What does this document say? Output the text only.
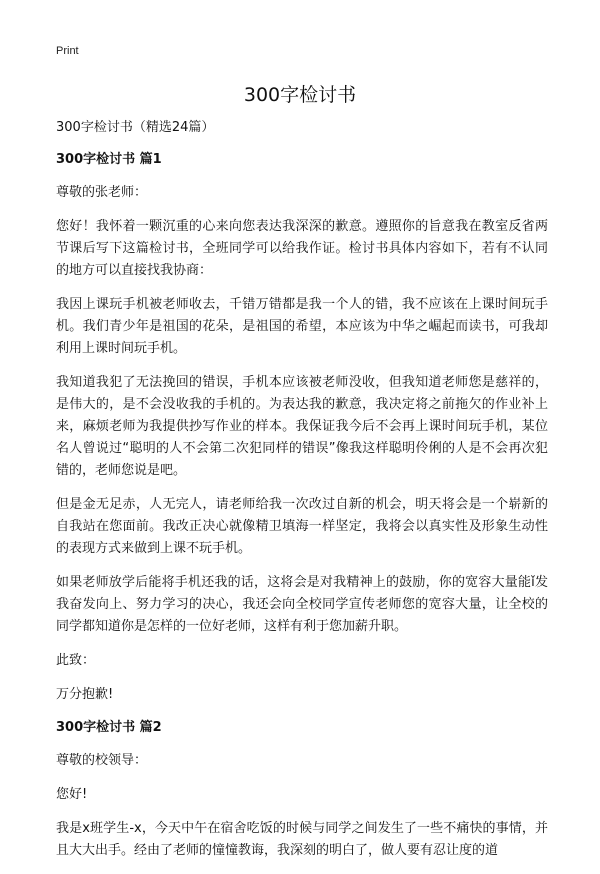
Print
300字检讨书
300字检讨书（精选24篇）
300字检讨书 篇1
尊敬的张老师：
您好！我怀着一颗沉重的心来向您表达我深深的歉意。遵照你的旨意我在教室反省两节课后写下这篇检讨书，全班同学可以给我作证。检讨书具体内容如下，若有不认同的地方可以直接找我协商：
我因上课玩手机被老师收去，千错万错都是我一个人的错，我不应该在上课时间玩手机。我们青少年是祖国的花朵，是祖国的希望，本应该为中华之崛起而读书，可我却利用上课时间玩手机。
我知道我犯了无法挽回的错误，手机本应该被老师没收，但我知道老师您是慈祥的，是伟大的，是不会没收我的手机的。为表达我的歉意，我决定将之前拖欠的作业补上来，麻烦老师为我提供抄写作业的样本。我保证我今后不会再上课时间玩手机，某位名人曾说过“聪明的人不会第二次犯同样的错误”像我这样聪明伶俐的人是不会再次犯错的，老师您说是吧。
但是金无足赤，人无完人，请老师给我一次改过自新的机会，明天将会是一个崭新的自我站在您面前。我改正决心就像精卫填海一样坚定，我将会以真实性及形象生动性的表现方式来做到上课不玩手机。
如果老师放学后能将手机还我的话，这将会是对我精神上的鼓励，你的宽容大量能ǐ发我奋发向上、努力学习的决心，我还会向全校同学宣传老师您的宽容大量，让全校的同学都知道你是怎样的一位好老师，这样有利于您加薪升职。
此致：
万分抱歉!
300字检讨书 篇2
尊敬的校领导：
您好!
我是x班学生-x，今天中午在宿舍吃饭的时候与同学之间发生了一些不痛快的事情，并且大大出手。经由了老师的憧憧教诲，我深刻的明白了，做人要有忍让度的道
